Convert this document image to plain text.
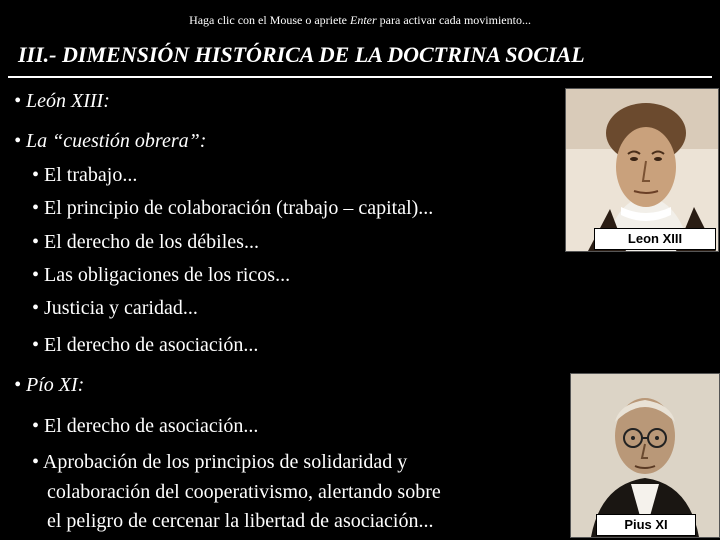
Haga clic con el Mouse o apriete Enter para activar cada movimiento...
III.- DIMENSIÓN HISTÓRICA DE LA DOCTRINA SOCIAL
• León XIII:
• La “cuestión obrera”:
• El trabajo...
• El principio de colaboración (trabajo – capital)...
• El derecho de los débiles...
• Las obligaciones de los ricos...
• Justicia y caridad...
• El derecho de asociación...
• Pío XI:
• El derecho de asociación...
• Aprobación de los principios de solidaridad y
colaboración del cooperativismo, alertando sobre
el peligro de cercenar la libertad de asociación...
Leon XIII
Pius XI
